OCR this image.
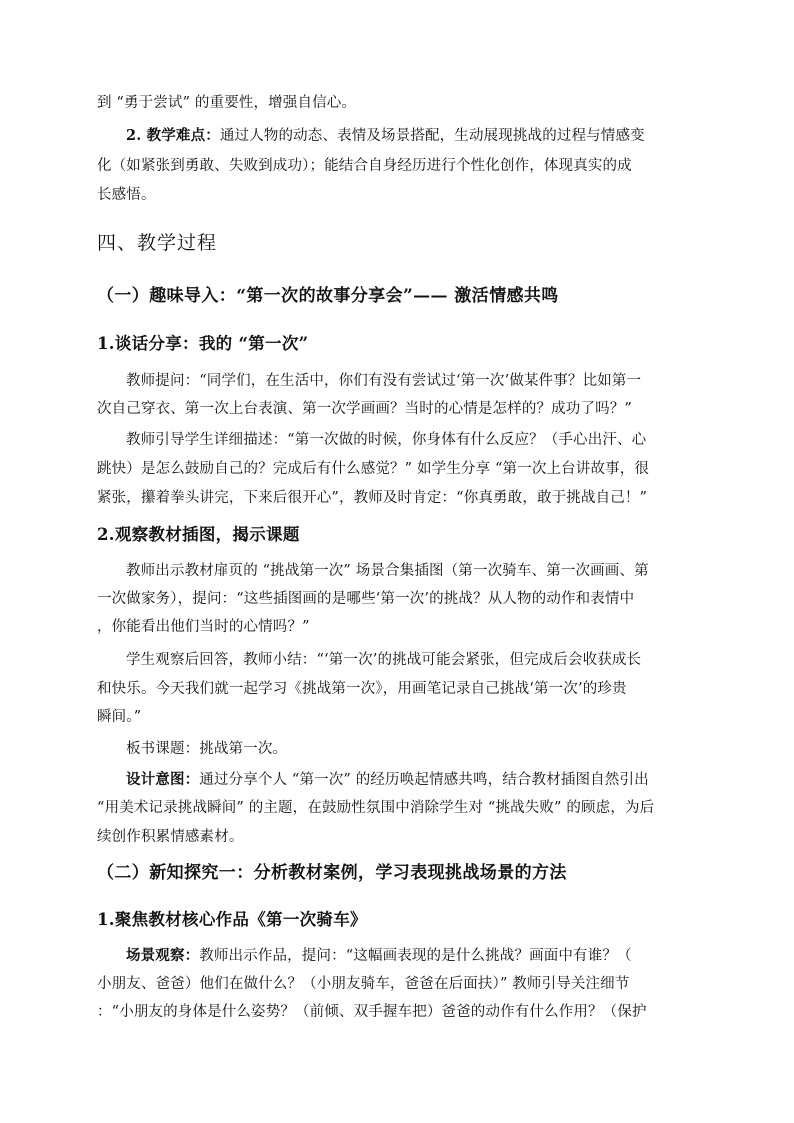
到 “勇于尝试” 的重要性，增强自信心。
2. 教学难点：通过人物的动态、表情及场景搭配，生动展现挑战的过程与情感变
化（如紧张到勇敢、失败到成功）；能结合自身经历进行个性化创作，体现真实的成
长感悟。
四、教学过程
（一）趣味导入：“第一次的故事分享会”—— 激活情感共鸣
1.谈话分享：我的 “第一次”
教师提问：“同学们，在生活中，你们有没有尝试过‘第一次’做某件事？比如第一
次自己穿衣、第一次上台表演、第一次学画画？当时的心情是怎样的？成功了吗？”
教师引导学生详细描述：“第一次做的时候，你身体有什么反应？（手心出汗、心
跳快）是怎么鼓励自己的？完成后有什么感觉？” 如学生分享 “第一次上台讲故事，很
紧张，攥着拳头讲完，下来后很开心”，教师及时肯定：“你真勇敢，敢于挑战自己！”
2.观察教材插图，揭示课题
教师出示教材扉页的 “挑战第一次” 场景合集插图（第一次骑车、第一次画画、第
一次做家务），提问：“这些插图画的是哪些‘第一次’的挑战？从人物的动作和表情中
，你能看出他们当时的心情吗？”
学生观察后回答，教师小结：“‘第一次’的挑战可能会紧张，但完成后会收获成长
和快乐。今天我们就一起学习《挑战第一次》，用画笔记录自己挑战‘第一次’的珍贵
瞬间。”
板书课题：挑战第一次。
设计意图：通过分享个人 “第一次” 的经历唤起情感共鸣，结合教材插图自然引出
“用美术记录挑战瞬间” 的主题，在鼓励性氛围中消除学生对 “挑战失败” 的顾虑，为后
续创作积累情感素材。
（二）新知探究一：分析教材案例，学习表现挑战场景的方法
1.聚焦教材核心作品《第一次骑车》
场景观察：教师出示作品，提问：“这幅画表现的是什么挑战？画面中有谁？（
小朋友、爸爸）他们在做什么？（小朋友骑车，爸爸在后面扶）” 教师引导关注细节
：“小朋友的身体是什么姿势？（前倾、双手握车把）爸爸的动作有什么作用？（保护
